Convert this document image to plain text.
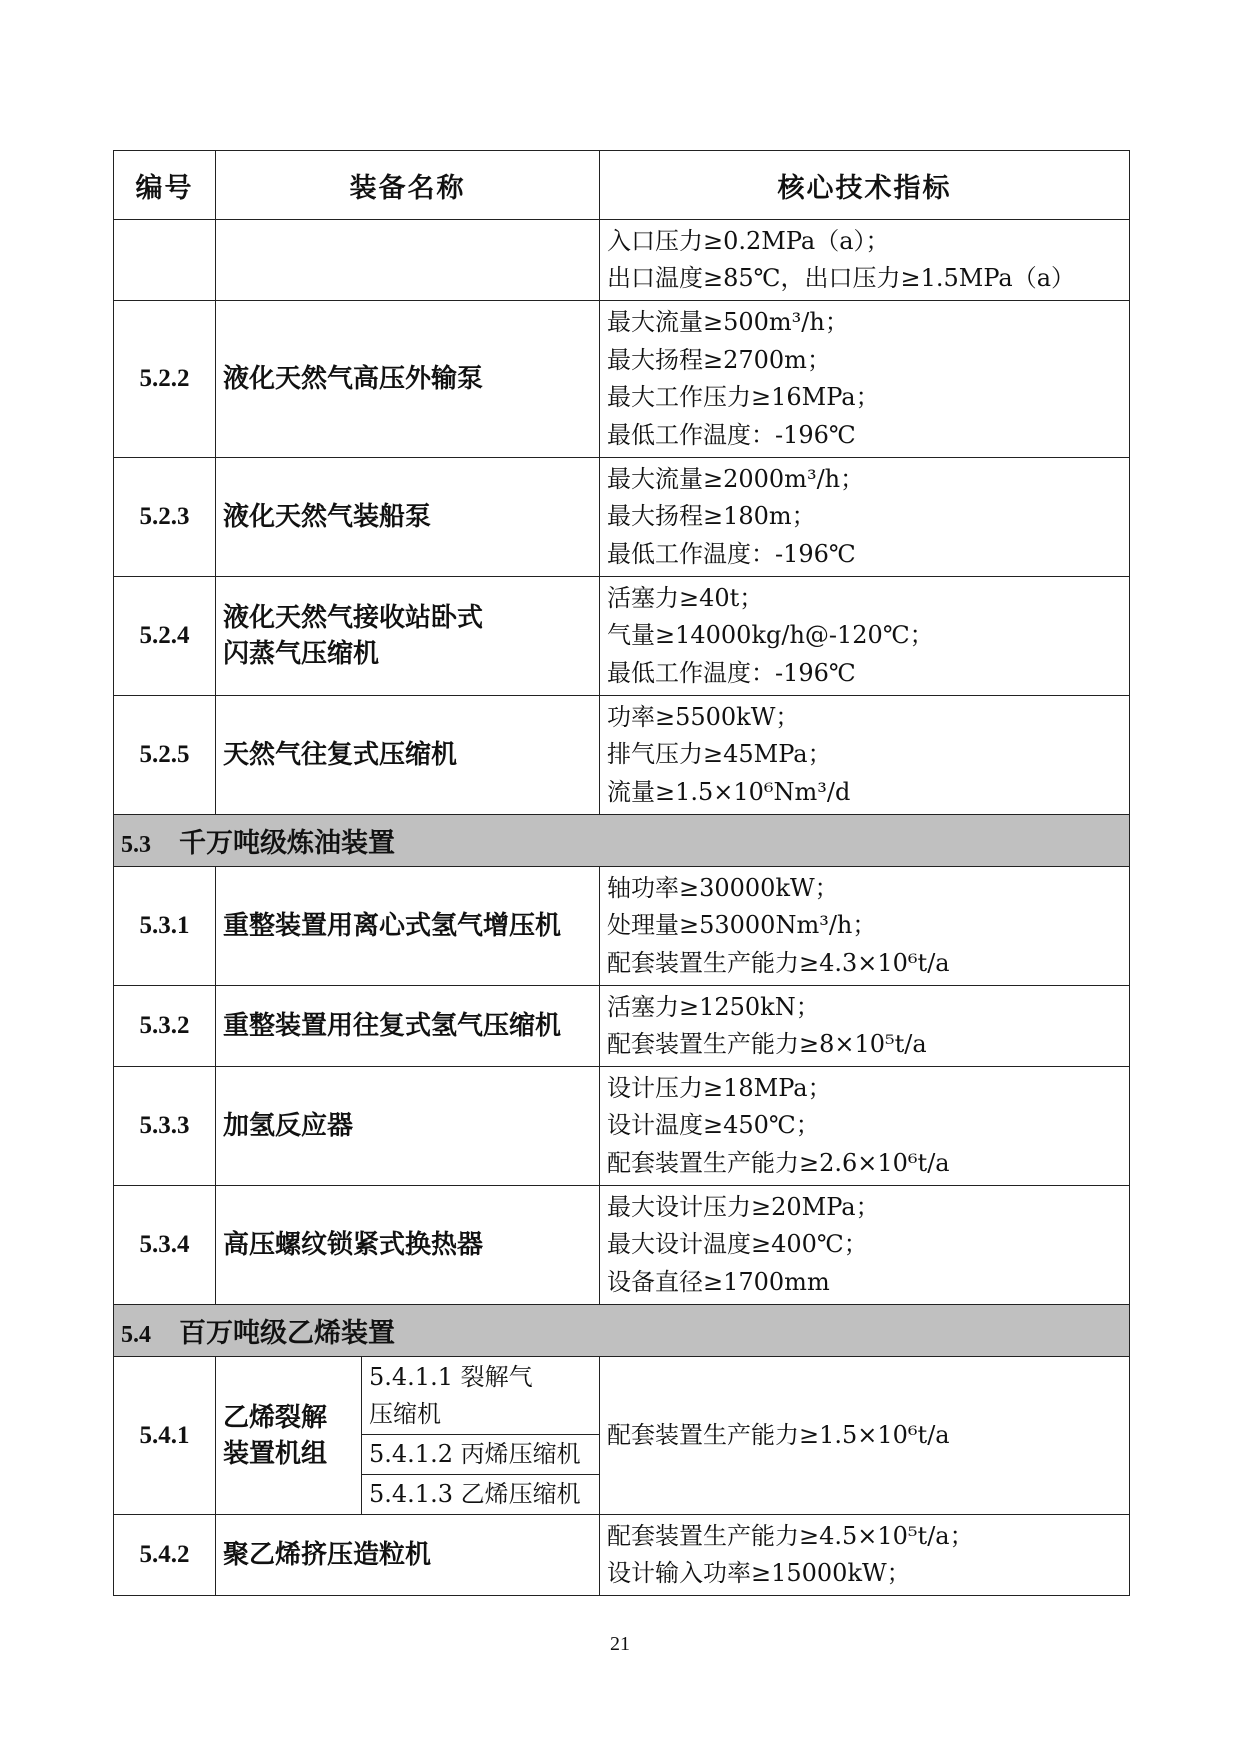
编号	装备名称		核心技术指标

			入口压力≥0.2MPa（a）；
出口温度≥85℃，出口压力≥1.5MPa（a）

5.2.2	液化天然气高压外输泵		最大流量≥500m³/h；
最大扬程≥2700m；
最大工作压力≥16MPa；
最低工作温度：-196℃

5.2.3	液化天然气装船泵		最大流量≥2000m³/h；
最大扬程≥180m；
最低工作温度：-196℃

5.2.4	液化天然气接收站卧式
闪蒸气压缩机		活塞力≥40t；
气量≥14000kg/h@-120℃；
最低工作温度：-196℃

5.2.5	天然气往复式压缩机		功率≥5500kW；
排气压力≥45MPa；
流量≥1.5×10⁶Nm³/d

5.3 千万吨级炼油装置			
5.3.1	重整装置用离心式氢气增压机		轴功率≥30000kW；
处理量≥53000Nm³/h；
配套装置生产能力≥4.3×10⁶t/a

5.3.2	重整装置用往复式氢气压缩机		活塞力≥1250kN；
配套装置生产能力≥8×10⁵t/a

5.3.3	加氢反应器		设计压力≥18MPa；
设计温度≥450℃；
配套装置生产能力≥2.6×10⁶t/a

5.3.4	高压螺纹锁紧式换热器		最大设计压力≥20MPa；
最大设计温度≥400℃；
设备直径≥1700mm

5.4 百万吨级乙烯装置			
5.4.1	乙烯裂解
装置机组	5.4.1.1 裂解气
压缩机	配套装置生产能力≥1.5×10⁶t/a

		5.4.1.2 丙烯压缩机	

		5.4.1.3 乙烯压缩机	

5.4.2	聚乙烯挤压造粒机		配套装置生产能力≥4.5×10⁵t/a；
设计输入功率≥15000kW；
21
